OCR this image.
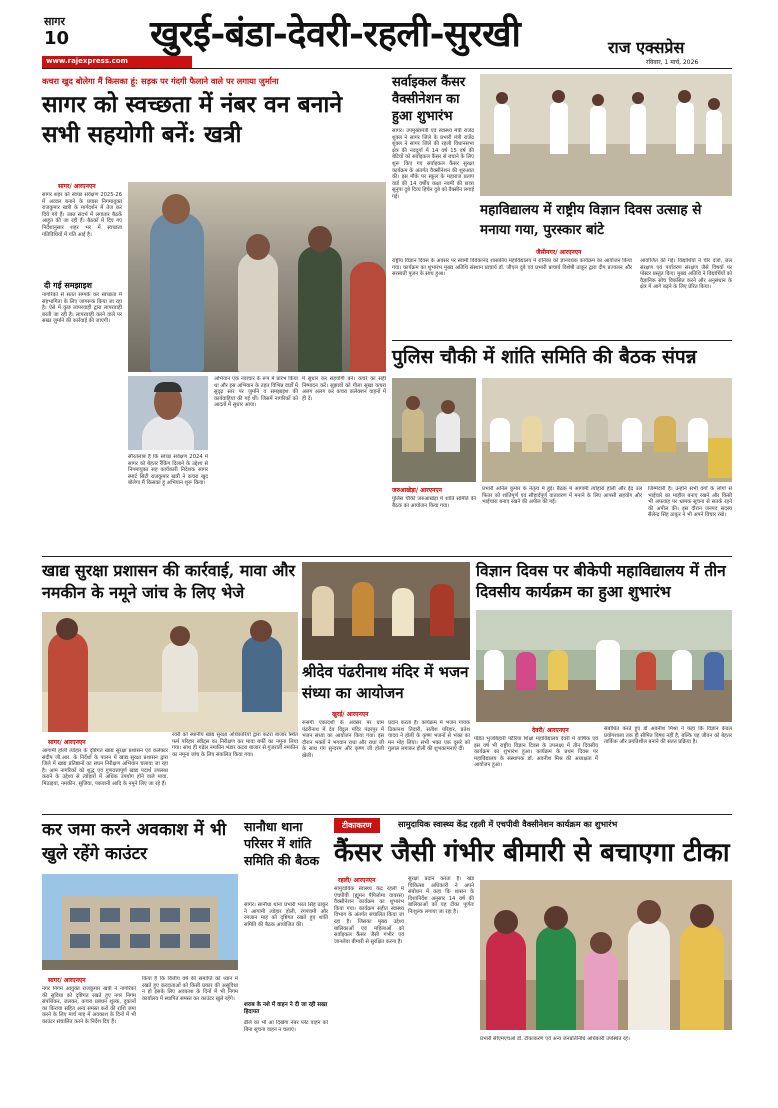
सागर
10 खुरई-बंडा-देवरी-रहली-सुरखी	राज एक्सप्रेस
रविवार, 1 मार्च, 2026
www.rajexpress.com
कचरा खुद बोलेगा मैं किसका हूं: सड़क पर गंदगी फैलाने वाले पर लगाया जुर्माना
सागर को स्वच्छता में नंबर वन बनाने सभी सहयोगी बनें: खत्री
सागर/ आरएनएन
सागर शहर को स्वच्छ सर्वेक्षण 2025-26 में अव्वल बनाने के प्रयास निगमायुक्त राजकुमार खत्री के मार्गदर्शन में तेज कर दिये गये हैं। उक्त संदर्भ में लगातार बैठकें आहूत की जा रही हैं। बैठकों में दिए गए निर्देशानुसार शहर भर में स्वच्छता गतिविधियों में गति आई है।
दी गई समझाइश
नागरिकों से सतत सम्पर्क कर स्वच्छता में सहभागिता के लिए जागरूक किया जा रहा है। ऐसे में कुछ लापरवाही द्वारा लापरवाही बरती जा रही है। लापरवाही करने वाले पर सख्त जुर्माने की कार्रवाई की जाएगी।
अभियान एक नवाचार के रूप में प्रारंभ किया था और इस अभियान के तहत विभिन्न वार्डों में सुदृढ़ स्तर पर जुर्माने व समझाइश की कार्यवाहियां की गई थीं। जिसमें नागरिकों को आदतों में सुधार आया।
में सुधार कर सहयोगी बनें। कचरे का सही निष्पादन करें। सुझावों को गीला सूखा कचरा अलग अलग कर कचरा कलेक्शन वाहनों में ही दें।
सौरतलाब है कि स्वच्छ सर्वेक्षण 2024 में सागर को बेहतर रैंकिंग दिलाने के उद्देश्य से निगमायुक्त सह कार्यकारी निदेशक सागर स्मार्ट सिटी राजकुमार खत्री ने कचरा खुद बोलेगा मैं किसका हूं अभियान शुरू किया।
सर्वाइकल कैंसर वैक्सीनेशन का हुआ शुभारंभ
सागर। उपमुख्यमंत्री एवं स्वास्थ्य मंत्री राजेंद्र शुक्ल ने सागर जिले के प्रभारी मंत्री राजेंद्र शुक्ल ने सागर जिले की रहली विधानसभा क्षेत्र की नवदुर्गा में 14 वर्ष 15 वर्ष की बेटियों को सर्वाइकल कैंसर से बचाने के लिए शुरू किए गए सर्वाइकल कैंसर सुरक्षा कार्यक्रम के अंतर्गत वैक्सीनेशन की शुरुआत की। इस मौके पर स्कूल के महाराज प्रताप वार्ड की 14 वर्षीय कक्षा नवमीं की छात्रा सुनुपा दुबे दिव्य हिचेन दुबे को वैक्सीन लगाई गई।
महाविद्यालय में राष्ट्रीय विज्ञान दिवस उत्साह से मनाया गया, पुरस्कार बांटे
जैसीनगर/ आरएनएन
राष्ट्रीय विज्ञान दिवस के अवसर पर स्वामी विवेकानंद शासकीय महाविद्यालय में रानिका को ज्ञानवर्धक कार्यक्रम का आयोजन किया गया। कार्यक्रम का शुभारंभ मुख्य अतिथि संस्थान प्राचार्य डॉ. जीएल दुबे एवं प्रभारी प्राचार्य विशेषी ठाकुर द्वारा दीप प्रज्वलन और सरस्वती पूजन के साथ हुआ।
आयोजित की गई। विद्यार्थियों ने चीर दंजों, जल संरक्षण एवं पर्यावरण संरक्षण जैसे विषयों पर पोस्टर प्रस्तुत किए। मुख्य अतिथि ने विद्यार्थियों को वैज्ञानिक सोच विकसित करने और अनुसंधान के क्षेत्र में आगे बढ़ने के लिए प्रेरित किया।
पुलिस चौकी में शांति समिति की बैठक संपन्न
जरुआखेड़ा/ आरएनएन
पुलिस चौकी जरुआखेड़ा में शांति समिति की बैठक का आयोजन किया गया।
प्रभारी अनिल कुमार के नेतृत्व में हुई। बैठक में आगामी त्योहारों होली और ईद उल फितर को शांतिपूर्ण एवं सौहार्दपूर्ण वातावरण में मनाने के लिए आपसी सहयोग और भाईचारा बनाए रखने की अपील की गई।
जिम्मेदारी है। उन्होंने सभी वर्गों के लोगों से भाईचारे का माहौल बनाए रखने और किसी भी अफवाह पर भ्रामक सूचना से सतर्क रहने की अपील की। इस दौरान जनपद सदस्य सैलेन्द्र सिंह ठाकुर ने भी अपने विचार रखे।
खाद्य सुरक्षा प्रशासन की कार्रवाई, मावा और नमकीन के नमूने जांच के लिए भेजे
सागर/ आरएनएन
आगामी होली त्योहार के दृष्टिगत खाद्य सुरक्षा प्रशासन एवं कलेक्टर संदीप जी.आर. के निर्देशों के पालन में खाद्य सुरक्षा प्रशासन द्वारा जिले में खाद्य प्रतिष्ठानों का सघन निरीक्षण अभियान चलाया जा रहा है। आम नागरिकों को शुद्ध एवं गुणवत्तापूर्ण खाद्य पदार्थ उपलब्ध कराने के उद्देश्य से त्योहारों में अधिक उपयोग होने वाले मावा, मिठाइयां, नमकीन, सूजिया, पकवानी आदि के नमूने लिए जा रहे हैं।
रवरी को स्थानीय खाद्य सुरक्षा अधिकारियों द्वारा कटरा बाजार स्थित फर्म परिहार स्वीट्स का निरीक्षण कर मावा बर्फी का नमूना लिया गया। साथ ही गढ़ेल नमकीन भंडार कटरा बाजार से गुजराती नमकीन का नमूना जांच के लिए संकलित किया गया।
श्रीदेव पंढरीनाथ मंदिर में भजन संध्या का आयोजन
खुरई/ आरएनएन
रूसगी एकादशी के अवसर पर ग्राम पंढरीनाथ में देव विट्ठल मंदिर पंढरपुर में भजन संध्या का आयोजन किया गया। इस दौरान भक्तों ने भगवान राधा और राधा जी के साथ गंग सुन्दरम और कृष्ण जी होली खेली।
प्रदान करता है। कार्यक्रम में भजन गायक ठिकानश तिवारी, सतीश परिहार, प्रतेश यादव ने होली के कृष्ण भजनों से भक्त का मन मोह लिया। सभी भक्त एक दूसरे को गुलाल लगाकर होली की शुभकामनाएं दीं।
विज्ञान दिवस पर बीकेपी महाविद्यालय में तीन दिवसीय कार्यक्रम का हुआ शुभारंभ
देवरी/ आरएनएन
पंडित भुजबिहारी पटैरिया शिक्षा महाविद्यालय देवरी में वार्षिक एवं इस वर्ष भी राष्ट्रीय विज्ञान दिवस के उपलक्ष्य में तीन दिवसीय कार्यक्रम का शुभारंभ हुआ। कार्यक्रम के प्रथम दिवस पर महाविद्यालय के संस्थापक डॉ. अवनीश मिश्र की अध्यक्षता में आयोजन हुआ।
संबोधित करते हुए डॉ अवनीश मिश्रा ने कहा कि विज्ञान केवल प्रयोगशाला तक ही सीमित विषय नहीं है, बल्कि यह जीवन को बेहतर तार्किक और प्रगतिशील बनाने की सतत प्रक्रिया है।
कर जमा करने अवकाश में भी खुले रहेंगे काउंटर
सागर/ आरएनएन
नगर निगम आयुक्त राजकुमार खत्री ने नागरिकों की सुविधा को दृष्टिगत रखते हुए नगर निगम संपत्तिकर, जलकर, कचरा प्रबंधन शुल्क, दुकानों का किराया सहित अन्य समस्त करों की राशि जमा करने के लिए मार्च माह में अवकाश के दिनों में भी काउंटर संचालित करने के निर्देश दिए हैं।
किया है कि वित्तीय वर्ष की समाप्ति को ध्यान में रखते हुए करदाताओं को किसी प्रकार की असुविधा न हो इसके लिए अवकाश के दिनों में भी निगम कार्यालय में स्थापित समस्त कर काउंटर खुले रहेंगे।
सानौधा थाना परिसर में शांति समिति की बैठक
सागर। सानौधा थाना प्रभारी भरत सिंह ठाकुर ने आगामी त्योहार होली, रंगपंचमी और रमजान माह को दृष्टिगत रखते हुए शांति समिति की बैठक आयोजित की।
शराब के नशे में वाहन ने दी जा रही सख्त हिदायत
ढीले का भी आ दिखेगा नंबर प्लेट वाहन को बिना सूचना वाहन न चलाएं।
टीकाकरण	सामुदायिक स्वास्थ्य केंद्र रहली में एचपीवी वैक्सीनेशन कार्यक्रम का शुभारंभ
कैंसर जैसी गंभीर बीमारी से बचाएगा टीका
रहली/ आरएनएन
सामुदायिक स्वास्थ्य केंद्र रहली में एचपीवी (ह्यूमन पैपिलोमा वायरस) वैक्सीनेशन कार्यक्रम का शुभारंभ किया गया। कार्यक्रम सहीत स्वास्थ्य विभाग के अंतर्गत संचालित किया जा रहा है। जिसका मुख्य उद्देश्य बालिकाओं एवं महिलाओं को सर्वाइकल कैंसर जैसी गंभीर एवं जानलेवा बीमारी से सुरक्षित करना है।
सुरक्षा प्रदान करता है। खंड चिकित्सा अधिकारी ने अपने संबोधन में कहा कि शासन के दिशानिर्देश अनुसार 14 वर्ष की बालिकाओं को यह टीका पूर्णतः निःशुल्क लगाया जा रहा है।
प्रभारी सीएमएचओ डॉ. टीकाकरण एवं अन्य जनप्रतिनिधि अधिकारी उपस्थित रहे।
